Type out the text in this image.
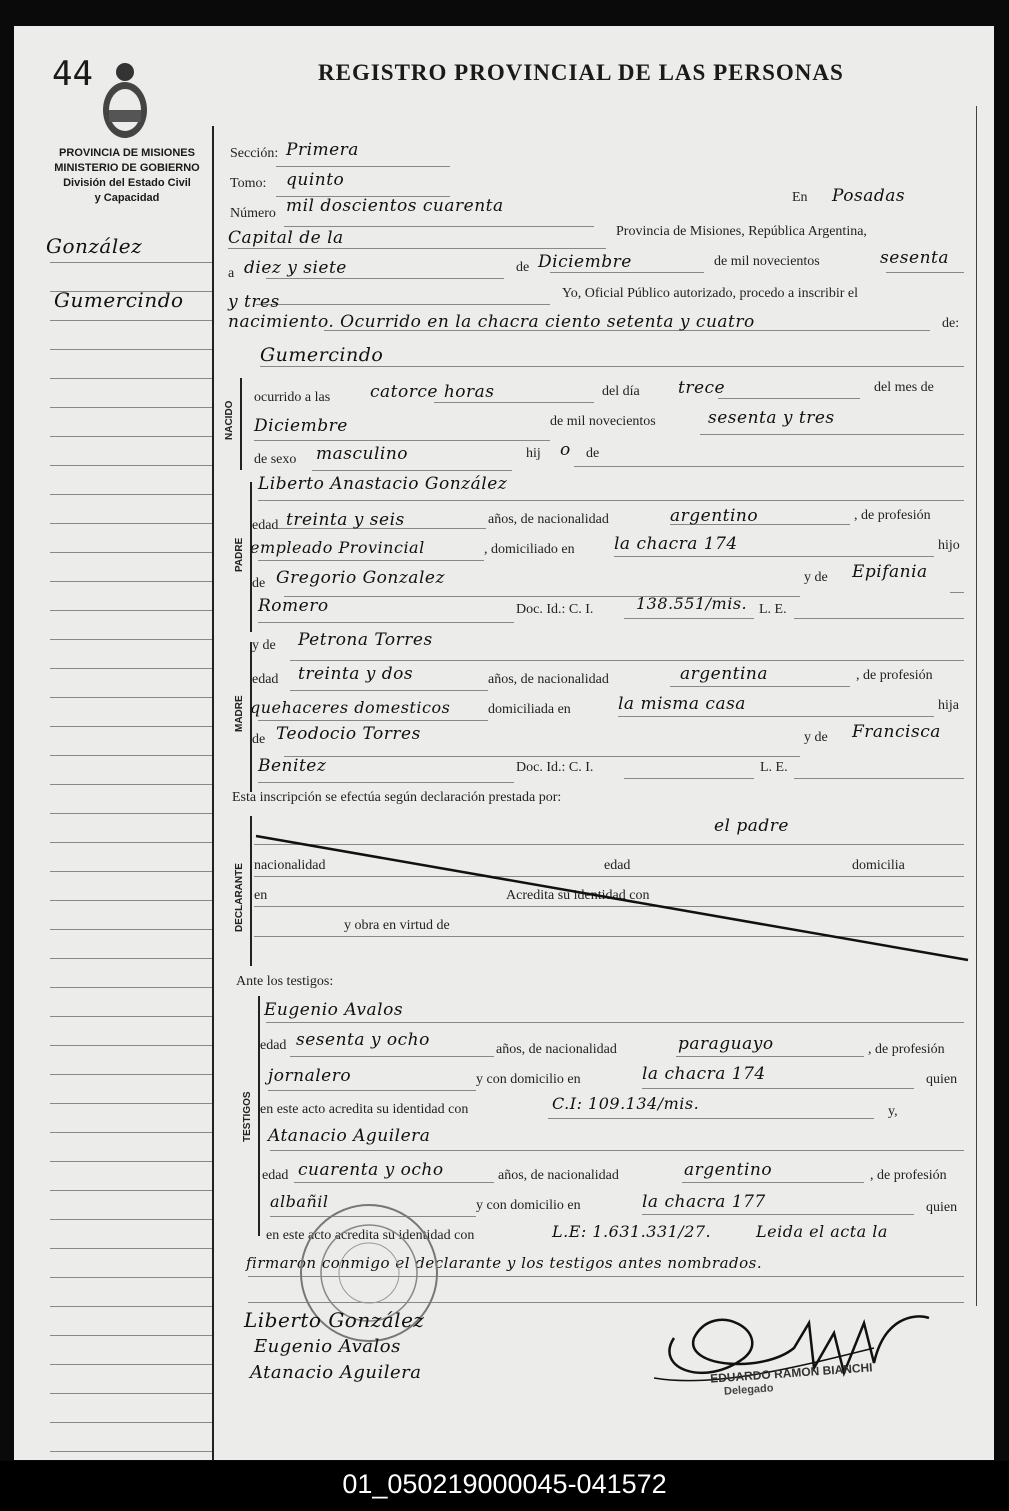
44	REGISTRO PROVINCIAL DE LAS PERSONAS
PROVINCIA DE MISIONES
MINISTERIO DE GOBIERNO
División del Estado Civil
y Capacidad
González
Gumercindo
Sección: Primera
Tomo: quinto
Número mil doscientos cuarenta	En Posadas
Capital de la	Provincia de Misiones, República Argentina,
a diez y siete	de Diciembre	de mil novecientos	sesenta
y tres	Yo, Oficial Público autorizado, procedo a inscribir el
nacimiento. Ocurrido en la chacra ciento setenta y cuatro	de:
NACIDO
Gumercindo
ocurrido a las catorce horas	del día trece	del mes de
Diciembre	de mil novecientos	sesenta y tres
de sexo masculino	hij o de
PADRE
Liberto Anastacio González
edad treinta y seis	años, de nacionalidad	argentino	, de profesión
empleado Provincial	, domiciliado en la chacra 174	hijo
de Gregorio Gonzalez	y de Epifania
Romero	Doc. Id.: C. I.	138.551/mis. L. E.
MADRE
y de Petrona Torres
edad treinta y dos	años, de nacionalidad	argentina	, de profesión
quehaceres domesticos	domiciliada en	la misma casa	hija
de Teodocio Torres	y de Francisca
Benitez	Doc. Id.: C. I.	L. E.
Esta inscripción se efectúa según declaración prestada por:
DECLARANTE
el padre
nacionalidad	edad	domicilia
en	Acredita su identidad con
y obra en virtud de
Ante los testigos:
TESTIGOS
Eugenio Avalos
edad sesenta y ocho	años, de nacionalidad	paraguayo	, de profesión
jornalero	y con domicilio en	la chacra 174	quien
en este acto acredita su identidad con	C.I: 109.134/mis.	y,
Atanacio Aguilera
edad cuarenta y ocho	años, de nacionalidad	argentino	, de profesión
albañil	y con domicilio en	la chacra 177	quien
en este acto acredita su identidad con	L.E: 1.631.331/27.	Leida el acta la
firmaron conmigo el declarante y los testigos antes nombrados.
Liberto González
Eugenio Avalos
Atanacio Aguilera	EDUARDO RAMON BIANCHI
Delegado
01_050219000045-041572
